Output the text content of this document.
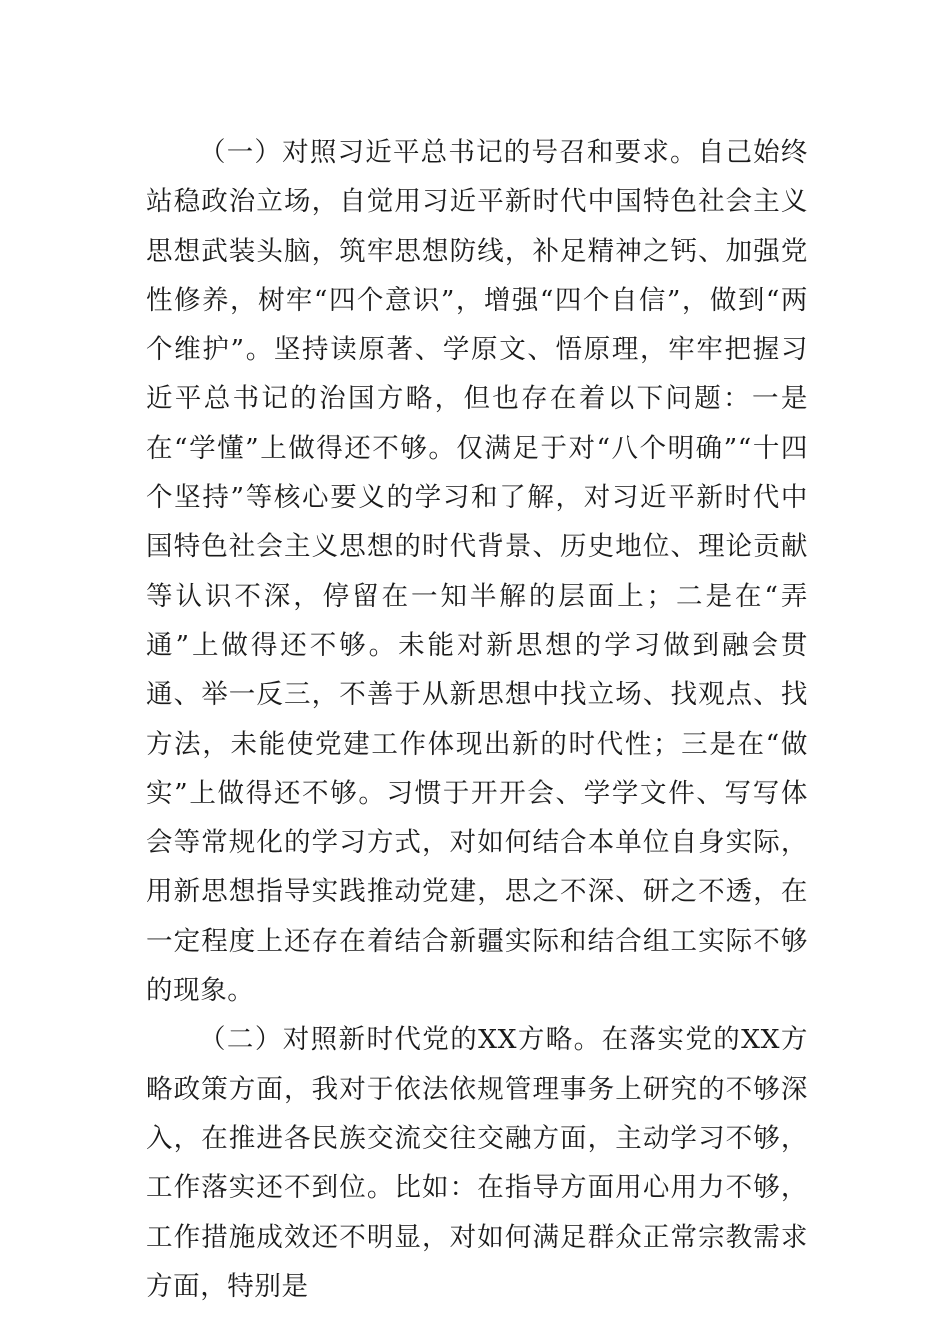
（一）对照习近平总书记的号召和要求。自己始终站稳政治立场，自觉用习近平新时代中国特色社会主义思想武装头脑，筑牢思想防线，补足精神之钙、加强党性修养，树牢“四个意识”，增强“四个自信”，做到“两个维护”。坚持读原著、学原文、悟原理，牢牢把握习近平总书记的治国方略，但也存在着以下问题：一是在“学懂”上做得还不够。仅满足于对“八个明确”“十四个坚持”等核心要义的学习和了解，对习近平新时代中国特色社会主义思想的时代背景、历史地位、理论贡献等认识不深，停留在一知半解的层面上；二是在“弄通”上做得还不够。未能对新思想的学习做到融会贯通、举一反三，不善于从新思想中找立场、找观点、找方法，未能使党建工作体现出新的时代性；三是在“做实”上做得还不够。习惯于开开会、学学文件、写写体会等常规化的学习方式，对如何结合本单位自身实际，用新思想指导实践推动党建，思之不深、研之不透，在一定程度上还存在着结合新疆实际和结合组工实际不够的现象。

（二）对照新时代党的XX方略。在落实党的XX方略政策方面，我对于依法依规管理事务上研究的不够深入，在推进各民族交流交往交融方面，主动学习不够，工作落实还不到位。比如：在指导方面用心用力不够，工作措施成效还不明显，对如何满足群众正常宗教需求方面，特别是
